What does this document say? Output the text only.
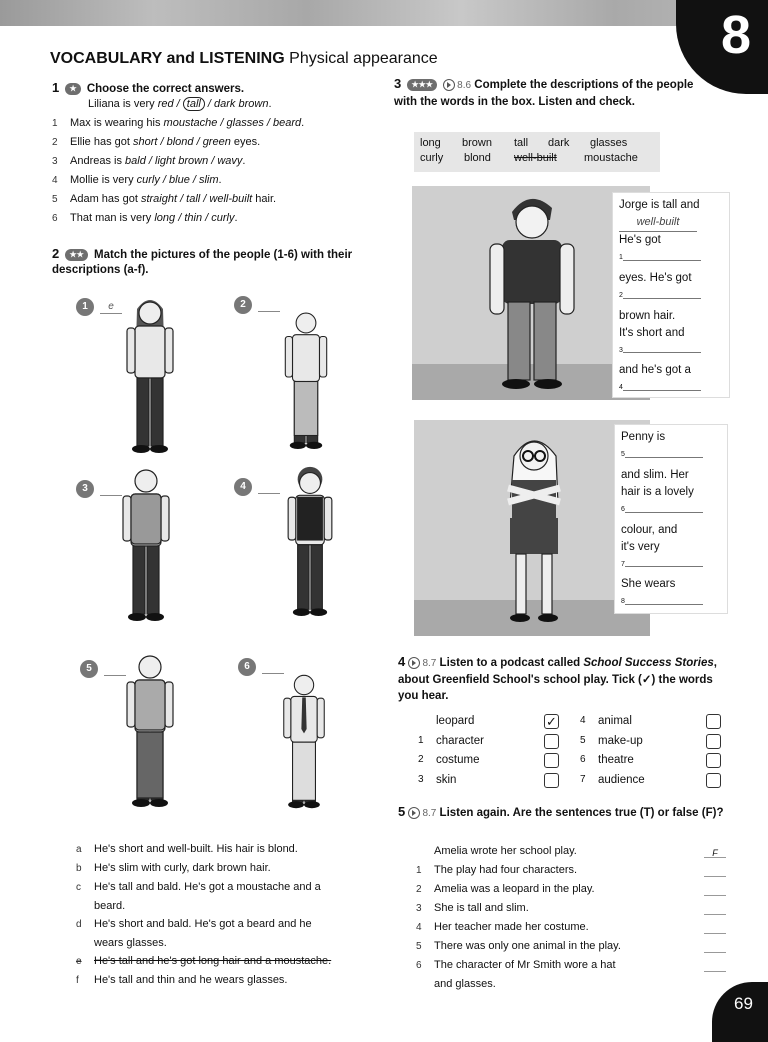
8
VOCABULARY and LISTENING Physical appearance
1 ★ Choose the correct answers.
Liliana is very red / tall / dark brown.
1 Max is wearing his moustache / glasses / beard.
2 Ellie has got short / blond / green eyes.
3 Andreas is bald / light brown / wavy.
4 Mollie is very curly / blue / slim.
5 Adam has got straight / tall / well-built hair.
6 That man is very long / thin / curly.
2 ★★ Match the pictures of the people (1-6) with their descriptions (a-f).
1	e	2
3	4
5	6
a He's short and well-built. His hair is blond.
b He's slim with curly, dark brown hair.
c He's tall and bald. He's got a moustache and a
beard.
d He's short and bald. He's got a beard and he
wears glasses.
e He's tall and he's got long hair and a moustache.
f He's tall and thin and he wears glasses.
3 ★★★ 8.6 Complete the descriptions of the people with the words in the box. Listen and check.
long brown tall dark glasses
curly blond well-built moustache
Jorge is tall and
well-built
He's got
$^1$
eyes. He's got
$^2$
brown hair.
It's short and
$^3$
and he's got a
$^4$
Penny is
$^5$
and slim. Her
hair is a lovely
$^6$
colour, and
it's very
$^7$
She wears
$^8$
4 8.7 Listen to a podcast called School Success Stories, about Greenfield School's school play. Tick (✓) the words you hear.
leopard	✓
1 character
2 costume
3 skin
4 animal
5 make-up
6 theatre
7 audience
5 8.7 Listen again. Are the sentences true (T) or false (F)?
Amelia wrote her school play.	F
1 The play had four characters.
2 Amelia was a leopard in the play.
3 She is tall and slim.
4 Her teacher made her costume.
5 There was only one animal in the play.
6 The character of Mr Smith wore a hat
and glasses.
69
